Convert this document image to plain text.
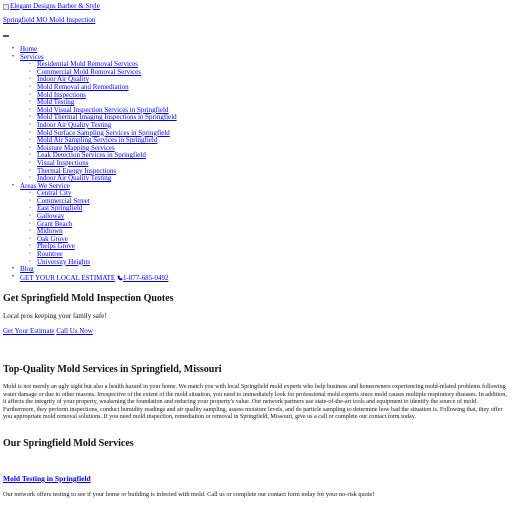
Elegant Designs Barber & Style
Springfield MO Mold Inspection
• Home
• Services
◦ Residential Mold Removal Services
◦ Commercial Mold Removal Services
◦ Indoor Air Quality
◦ Mold Removal and Remediation
◦ Mold Inspections
◦ Mold Testing
◦ Mold Visual Inspection Services in Springfield
◦ Mold Thermal Imaging Inspections in Springfield
◦ Indoor Air Quality Testing
◦ Mold Surface Sampling Services in Springfield
◦ Mold Air Sampling Services in Springfield
◦ Moisture Mapping Services
◦ Leak Detection Services in Springfield
◦ Visual Inspections
◦ Thermal Energy Inspections
◦ Indoor Air Quality Testing
• Areas We Service
◦ Central City
◦ Commercial Street
◦ East Springfield
◦ Galloway
◦ Grant Beach
◦ Midtown
◦ Oak Grove
◦ Phelps Grove
◦ Rountree
◦ University Heights
• Blog
• GET YOUR LOCAL ESTIMATE 1-877-685-0492
Get Springfield Mold Inspection Quotes

Local pros keeping your family safe!

Get Your Estimate Call Us Now
Top-Quality Mold Services in Springfield, Missouri

Mold is not merely an ugly sight but also a health hazard in your home. We match you with local Springfield mold experts who help business and homeowners experiencing mold-related problems following water damage or due to other reasons. Irrespective of the extent of the mold situation, you need to immediately look for professional mold experts since mold causes multiple respiratory diseases. In addition, it affects the integrity of your property, weakening the foundation and reducing your property's value. Our network partners use state-of-the-art tools and equipment to identify the source of mold. Furthermore, they perform inspections, conduct humidity readings and air quality sampling, assess moisture levels, and do particle sampling to determine how bad the situation is. Following that, they offer you appropriate mold removal solutions. If you need mold inspection, remediation or removal in Springfield, Missouri, give us a call or complete our contact form today.

Our Springfield Mold Services
Mold Testing in Springfield

Our network offers testing to see if your home or building is infected with mold. Call us or complete our contact form today for your no-risk quote!
